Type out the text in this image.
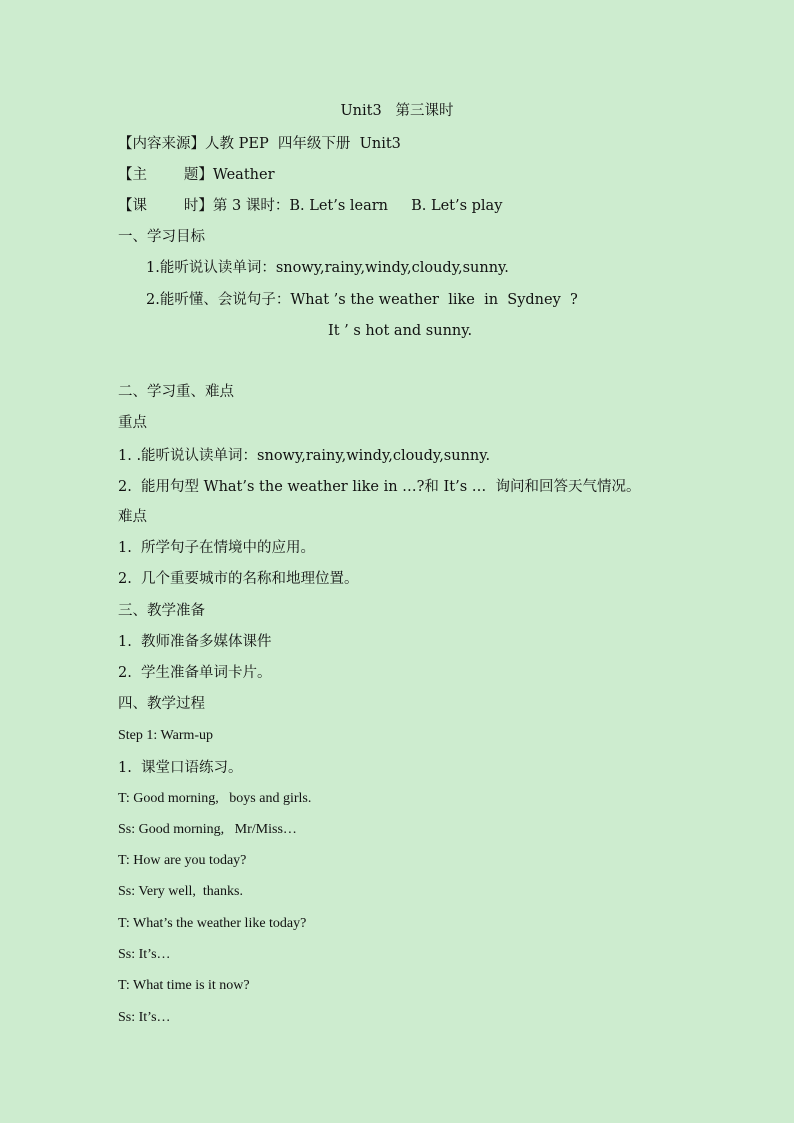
Unit3   第三课时
【内容来源】人教 PEP  四年级下册  Unit3
【主        题】Weather
【课        时】第 3 课时：B. Let’s learn     B. Let’s play
一、学习目标
1.能听说认读单词：snowy,rainy,windy,cloudy,sunny.
2.能听懂、会说句子：What ’s the weather  like  in  Sydney  ?
It ’ s hot and sunny.
二、学习重、难点
重点
1. .能听说认读单词：snowy,rainy,windy,cloudy,sunny.
2.  能用句型 What’s the weather like in …?和 It’s …  询问和回答天气情况。
难点
1.  所学句子在情境中的应用。
2.  几个重要城市的名称和地理位置。
三、教学准备
1.  教师准备多媒体课件
2.  学生准备单词卡片。
四、教学过程
Step 1: Warm-up
1.  课堂口语练习。
T: Good morning,   boys and girls.
Ss: Good morning,   Mr/Miss…
T: How are you today?
Ss: Very well,  thanks.
T: What’s the weather like today?
Ss: It’s…
T: What time is it now?
Ss: It’s…
